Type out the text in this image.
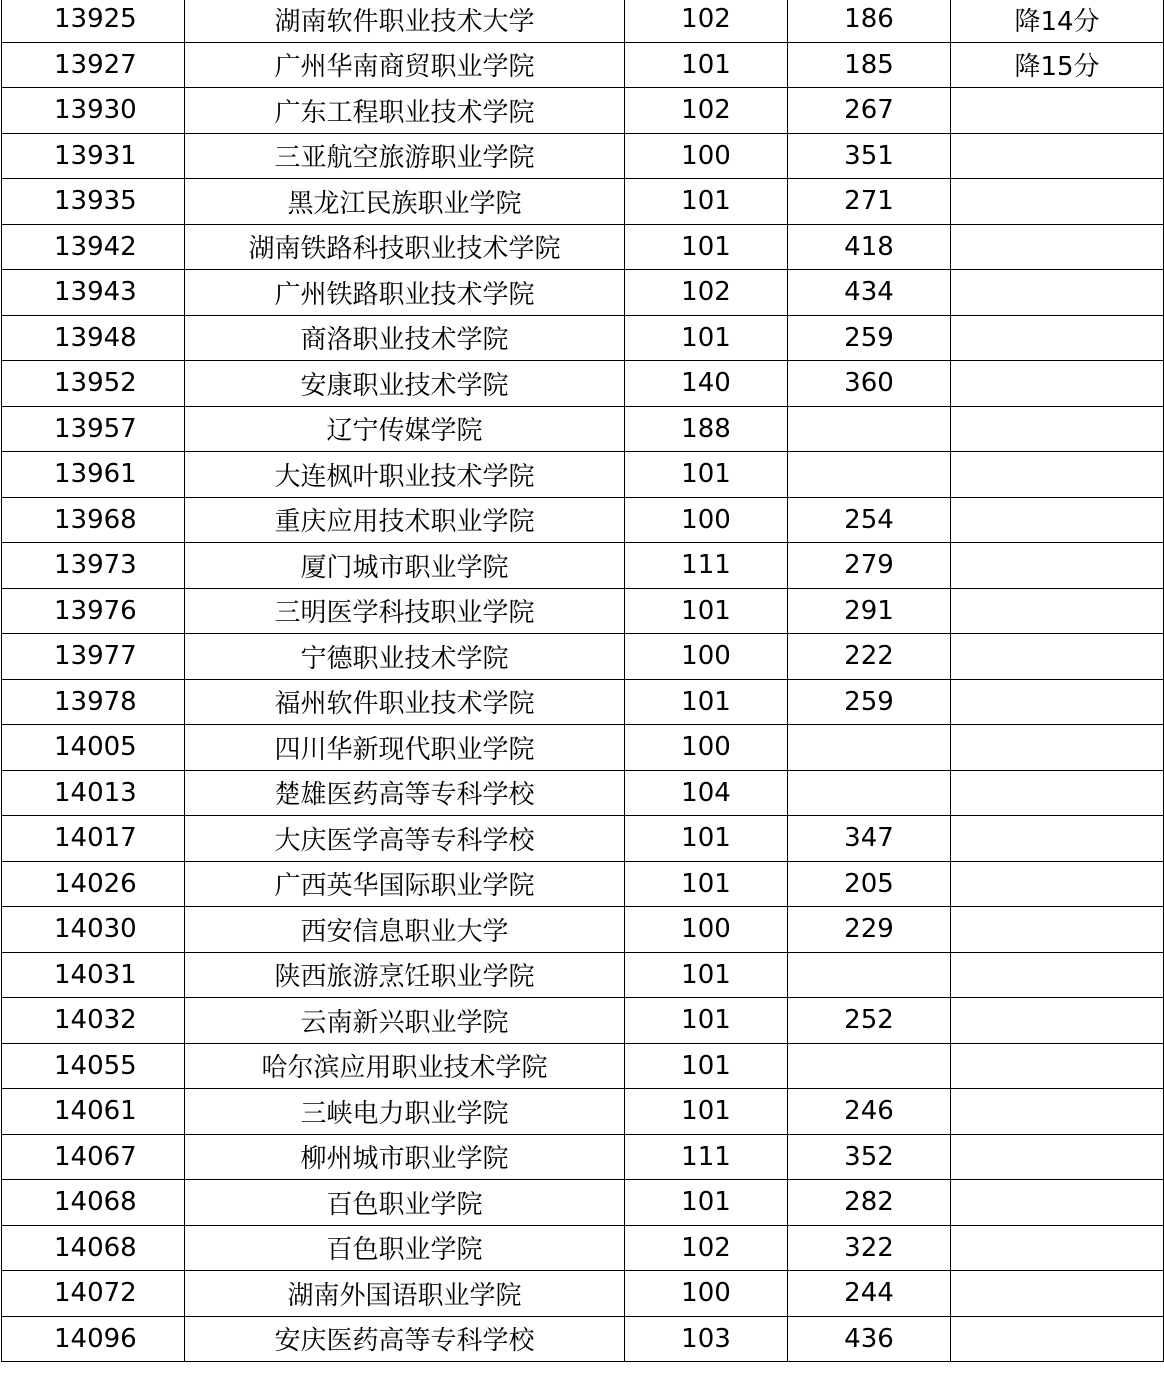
13925	湖南软件职业技术大学	102	186	降14分
13927	广州华南商贸职业学院	101	185	降15分
13930	广东工程职业技术学院	102	267	
13931	三亚航空旅游职业学院	100	351	
13935	黑龙江民族职业学院	101	271	
13942	湖南铁路科技职业技术学院	101	418	
13943	广州铁路职业技术学院	102	434	
13948	商洛职业技术学院	101	259	
13952	安康职业技术学院	140	360	
13957	辽宁传媒学院	188		
13961	大连枫叶职业技术学院	101		
13968	重庆应用技术职业学院	100	254	
13973	厦门城市职业学院	111	279	
13976	三明医学科技职业学院	101	291	
13977	宁德职业技术学院	100	222	
13978	福州软件职业技术学院	101	259	
14005	四川华新现代职业学院	100		
14013	楚雄医药高等专科学校	104		
14017	大庆医学高等专科学校	101	347	
14026	广西英华国际职业学院	101	205	
14030	西安信息职业大学	100	229	
14031	陕西旅游烹饪职业学院	101		
14032	云南新兴职业学院	101	252	
14055	哈尔滨应用职业技术学院	101		
14061	三峡电力职业学院	101	246	
14067	柳州城市职业学院	111	352	
14068	百色职业学院	101	282	
14068	百色职业学院	102	322	
14072	湖南外国语职业学院	100	244	
14096	安庆医药高等专科学校	103	436	
